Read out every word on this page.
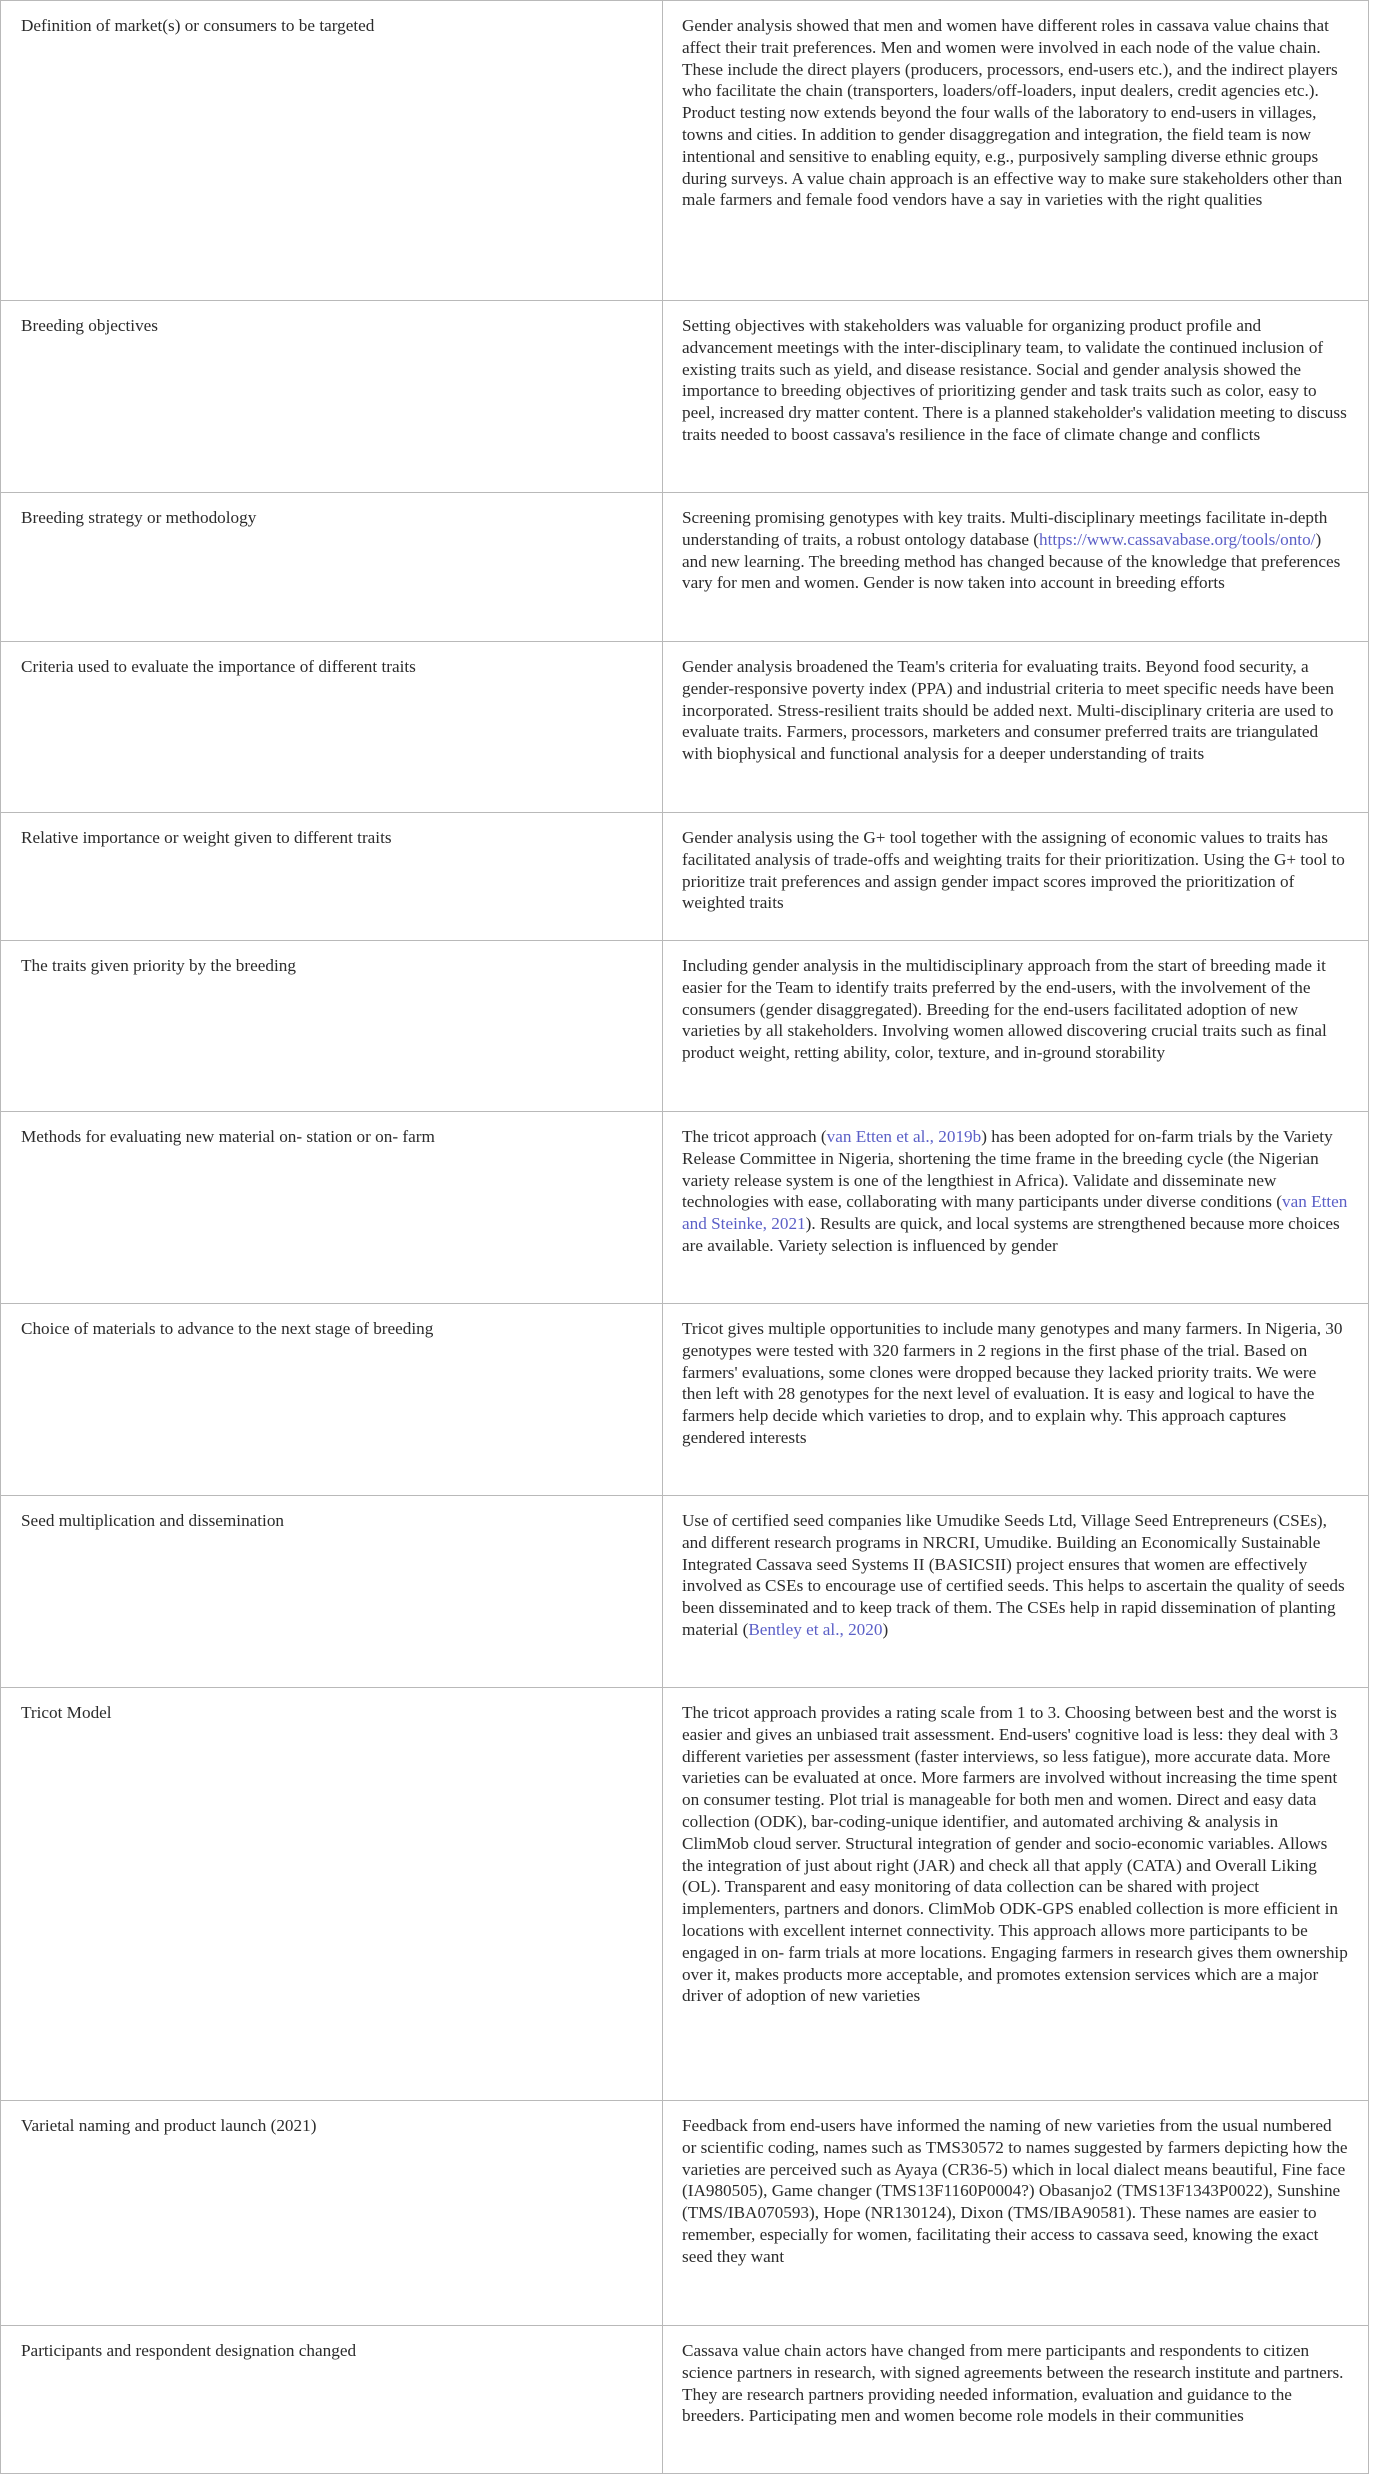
Definition of market(s) or consumers to be targeted	Gender analysis showed that men and women have different roles in cassava value chains that affect their trait preferences. Men and women were involved in each node of the value chain. These include the direct players (producers, processors, end-users etc.), and the indirect players who facilitate the chain (transporters, loaders/off-loaders, input dealers, credit agencies etc.). Product testing now extends beyond the four walls of the laboratory to end-users in villages, towns and cities. In addition to gender disaggregation and integration, the field team is now intentional and sensitive to enabling equity, e.g., purposively sampling diverse ethnic groups during surveys. A value chain approach is an effective way to make sure stakeholders other than male farmers and female food vendors have a say in varieties with the right qualities
Breeding objectives	Setting objectives with stakeholders was valuable for organizing product profile and advancement meetings with the inter-disciplinary team, to validate the continued inclusion of existing traits such as yield, and disease resistance. Social and gender analysis showed the importance to breeding objectives of prioritizing gender and task traits such as color, easy to peel, increased dry matter content. There is a planned stakeholder's validation meeting to discuss traits needed to boost cassava's resilience in the face of climate change and conflicts
Breeding strategy or methodology	Screening promising genotypes with key traits. Multi-disciplinary meetings facilitate in-depth understanding of traits, a robust ontology database (https://​www.cassavabase.org/tools/onto/) and new learning. The breeding method has changed because of the knowledge that preferences vary for men and women. Gender is now taken into account in breeding efforts
Criteria used to evaluate the importance of different traits	Gender analysis broadened the Team's criteria for evaluating traits. Beyond food security, a gender-responsive poverty index (PPA) and industrial criteria to meet specific needs have been incorporated. Stress-resilient traits should be added next. Multi-disciplinary criteria are used to evaluate traits. Farmers, processors, marketers and consumer preferred traits are triangulated with biophysical and functional analysis for a deeper understanding of traits
Relative importance or weight given to different traits	Gender analysis using the G+ tool together with the assigning of economic values to traits has facilitated analysis of trade-offs and weighting traits for their prioritization. Using the G+ tool to prioritize trait preferences and assign gender impact scores improved the prioritization of weighted traits
The traits given priority by the breeding	Including gender analysis in the multidisciplinary approach from the start of breeding made it easier for the Team to identify traits preferred by the end-users, with the involvement of the consumers (gender disaggregated). Breeding for the end-users facilitated adoption of new varieties by all stakeholders. Involving women allowed discovering crucial traits such as final product weight, retting ability, color, texture, and in-ground storability
Methods for evaluating new material on- station or on- farm	The tricot approach (van Etten et al., 2019b) has been adopted for on-farm trials by the Variety Release Committee in Nigeria, shortening the time frame in the breeding cycle (the Nigerian variety release system is one of the lengthiest in Africa). Validate and disseminate new technologies with ease, collaborating with many participants under diverse conditions (van Etten and Steinke, 2021). Results are quick, and local systems are strengthened because more choices are available. Variety selection is influenced by gender
Choice of materials to advance to the next stage of breeding	Tricot gives multiple opportunities to include many genotypes and many farmers. In Nigeria, 30 genotypes were tested with 320 farmers in 2 regions in the first phase of the trial. Based on farmers' evaluations, some clones were dropped because they lacked priority traits. We were then left with 28 genotypes for the next level of evaluation. It is easy and logical to have the farmers help decide which varieties to drop, and to explain why. This approach captures gendered interests
Seed multiplication and dissemination	Use of certified seed companies like Umudike Seeds Ltd, Village Seed Entrepreneurs (CSEs), and different research programs in NRCRI, Umudike. Building an Economically Sustainable Integrated Cassava seed Systems II (BASICSII) project ensures that women are effectively involved as CSEs to encourage use of certified seeds. This helps to ascertain the quality of seeds been disseminated and to keep track of them. The CSEs help in rapid dissemination of planting material (Bentley et al., 2020)
Tricot Model	The tricot approach provides a rating scale from 1 to 3. Choosing between best and the worst is easier and gives an unbiased trait assessment. End-users' cognitive load is less: they deal with 3 different varieties per assessment (faster interviews, so less fatigue), more accurate data. More varieties can be evaluated at once. More farmers are involved without increasing the time spent on consumer testing. Plot trial is manageable for both men and women. Direct and easy data collection (ODK), bar-coding-unique identifier, and automated archiving & analysis in ClimMob cloud server. Structural integration of gender and socio-economic variables. Allows the integration of just about right (JAR) and check all that apply (CATA) and Overall Liking (OL). Transparent and easy monitoring of data collection can be shared with project implementers, partners and donors. ClimMob ODK-GPS enabled collection is more efficient in locations with excellent internet connectivity. This approach allows more participants to be engaged in on- farm trials at more locations. Engaging farmers in research gives them ownership over it, makes products more acceptable, and promotes extension services which are a major driver of adoption of new varieties
Varietal naming and product launch (2021)	Feedback from end-users have informed the naming of new varieties from the usual numbered or scientific coding, names such as TMS30572 to names suggested by farmers depicting how the varieties are perceived such as Ayaya (CR36-5) which in local dialect means beautiful, Fine face (IA980505), Game changer (TMS13F1160P0004?) Obasanjo2 (TMS13F1343P0022), Sunshine (TMS/IBA070593), Hope (NR130124), Dixon (TMS/IBA90581). These names are easier to remember, especially for women, facilitating their access to cassava seed, knowing the exact seed they want
Participants and respondent designation changed	Cassava value chain actors have changed from mere participants and respondents to citizen science partners in research, with signed agreements between the research institute and partners. They are research partners providing needed information, evaluation and guidance to the breeders. Participating men and women become role models in their communities
